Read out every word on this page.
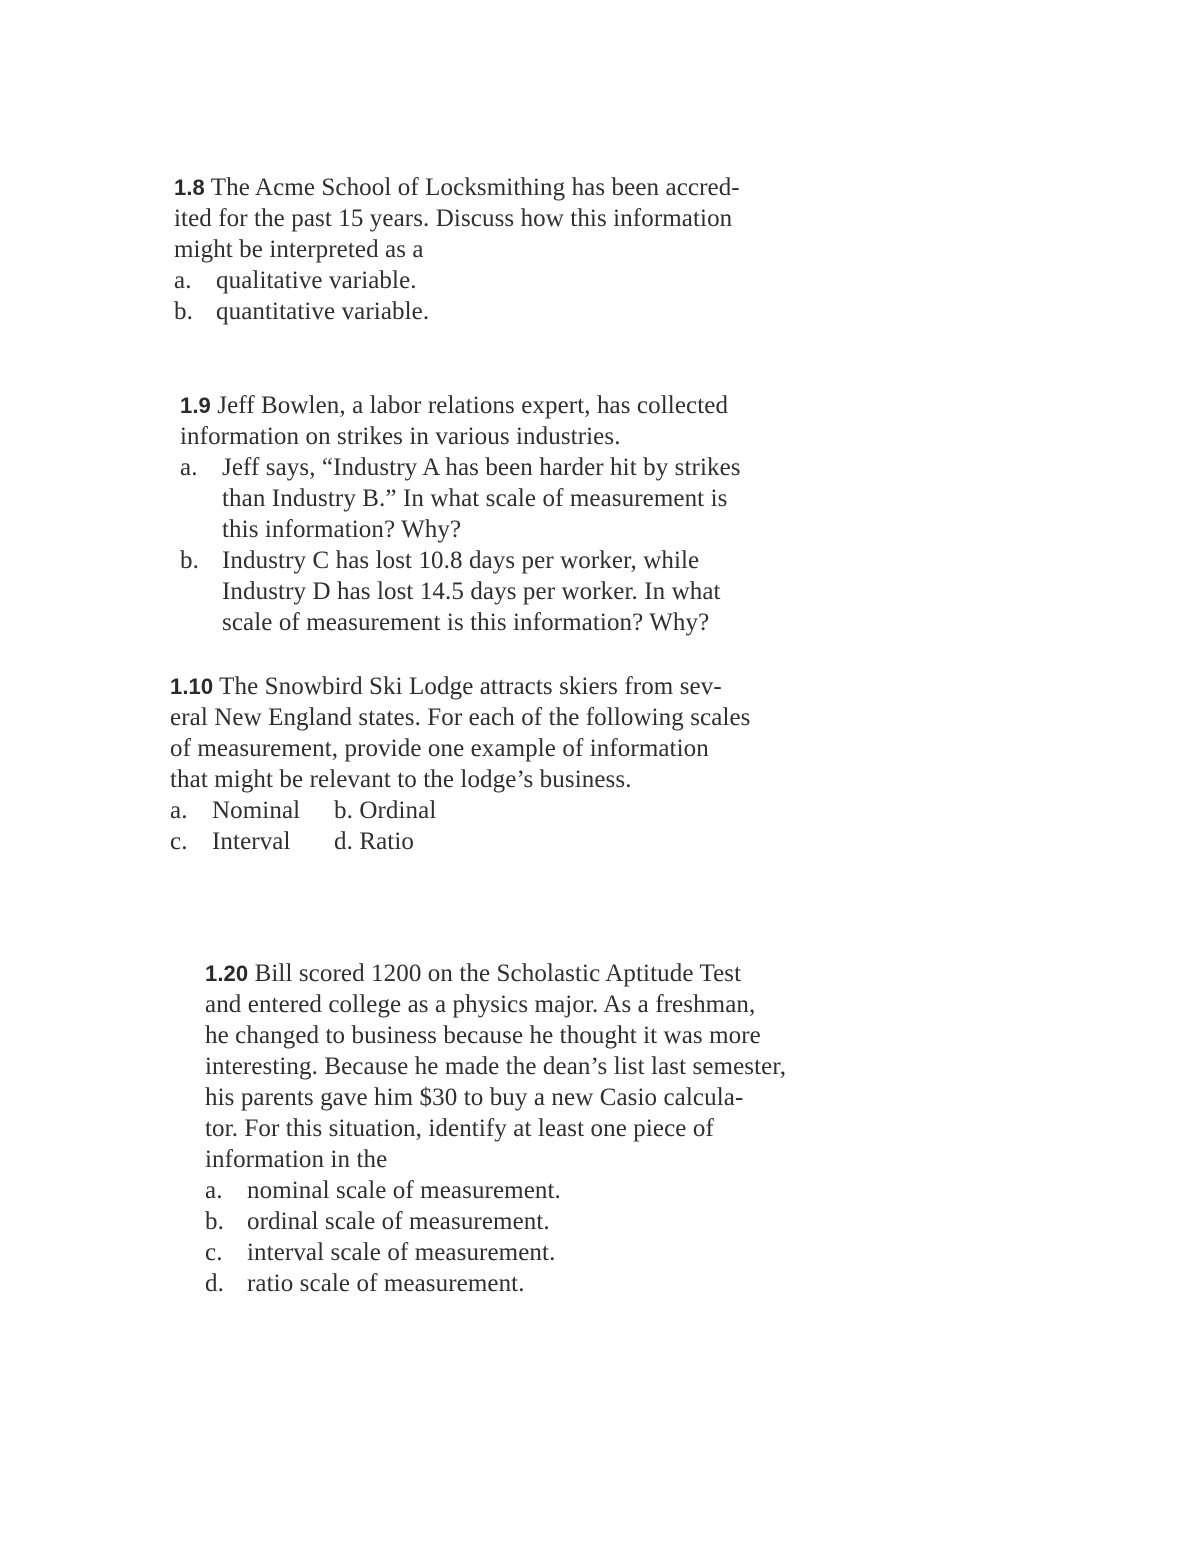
1.8 The Acme School of Locksmithing has been accred-
ited for the past 15 years. Discuss how this information
might be interpreted as a
a. qualitative variable.
b. quantitative variable.
1.9 Jeff Bowlen, a labor relations expert, has collected
information on strikes in various industries.
a. Jeff says, “Industry A has been harder hit by strikes
than Industry B.” In what scale of measurement is
this information? Why?
b. Industry C has lost 10.8 days per worker, while
Industry D has lost 14.5 days per worker. In what
scale of measurement is this information? Why?
1.10 The Snowbird Ski Lodge attracts skiers from sev-
eral New England states. For each of the following scales
of measurement, provide one example of information
that might be relevant to the lodge’s business.
a. Nominal b.
Ordinal
c. Interval d.
Ratio
1.20 Bill scored 1200 on the Scholastic Aptitude Test
and entered college as a physics major. As a freshman,
he changed to business because he thought it was more
interesting. Because he made the dean’s list last semester,
his parents gave him $30 to buy a new Casio calcula-
tor. For this situation, identify at least one piece of
information in the
a. nominal scale of measurement.
b. ordinal scale of measurement.
c. interval scale of measurement.
d. ratio scale of measurement.
